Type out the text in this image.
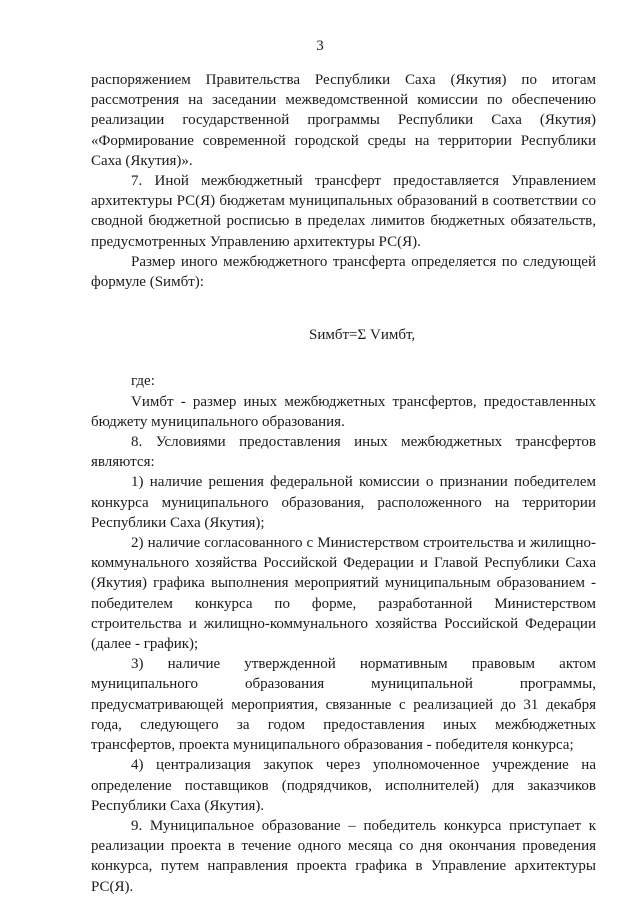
3

распоряжением Правительства Республики Саха (Якутия) по итогам рассмотрения на заседании межведомственной комиссии по обеспечению реализации государственной программы Республики Саха (Якутия) «Формирование современной городской среды на территории Республики Саха (Якутия)».

7. Иной межбюджетный трансферт предоставляется Управлением архитектуры РС(Я) бюджетам муниципальных образований в соответствии со сводной бюджетной росписью в пределах лимитов бюджетных обязательств, предусмотренных Управлению архитектуры РС(Я).

Размер иного межбюджетного трансферта определяется по следующей формуле (Sимбт):

Sимбт=Σ Vимбт,

где:

Vимбт - размер иных межбюджетных трансфертов, предоставленных бюджету муниципального образования.

8. Условиями предоставления иных межбюджетных трансфертов являются:

1) наличие решения федеральной комиссии о признании победителем конкурса муниципального образования, расположенного на территории Республики Саха (Якутия);

2) наличие согласованного с Министерством строительства и жилищно-коммунального хозяйства Российской Федерации и Главой Республики Саха (Якутия) графика выполнения мероприятий муниципальным образованием - победителем конкурса по форме, разработанной Министерством строительства и жилищно-коммунального хозяйства Российской Федерации (далее - график);

3) наличие утвержденной нормативным правовым актом муниципального образования муниципальной программы, предусматривающей мероприятия, связанные с реализацией до 31 декабря года, следующего за годом предоставления иных межбюджетных трансфертов, проекта муниципального образования - победителя конкурса;

4) централизация закупок через уполномоченное учреждение на определение поставщиков (подрядчиков, исполнителей) для заказчиков Республики Саха (Якутия).

9. Муниципальное образование – победитель конкурса приступает к реализации проекта в течение одного месяца со дня окончания проведения конкурса, путем направления проекта графика в Управление архитектуры РС(Я).
